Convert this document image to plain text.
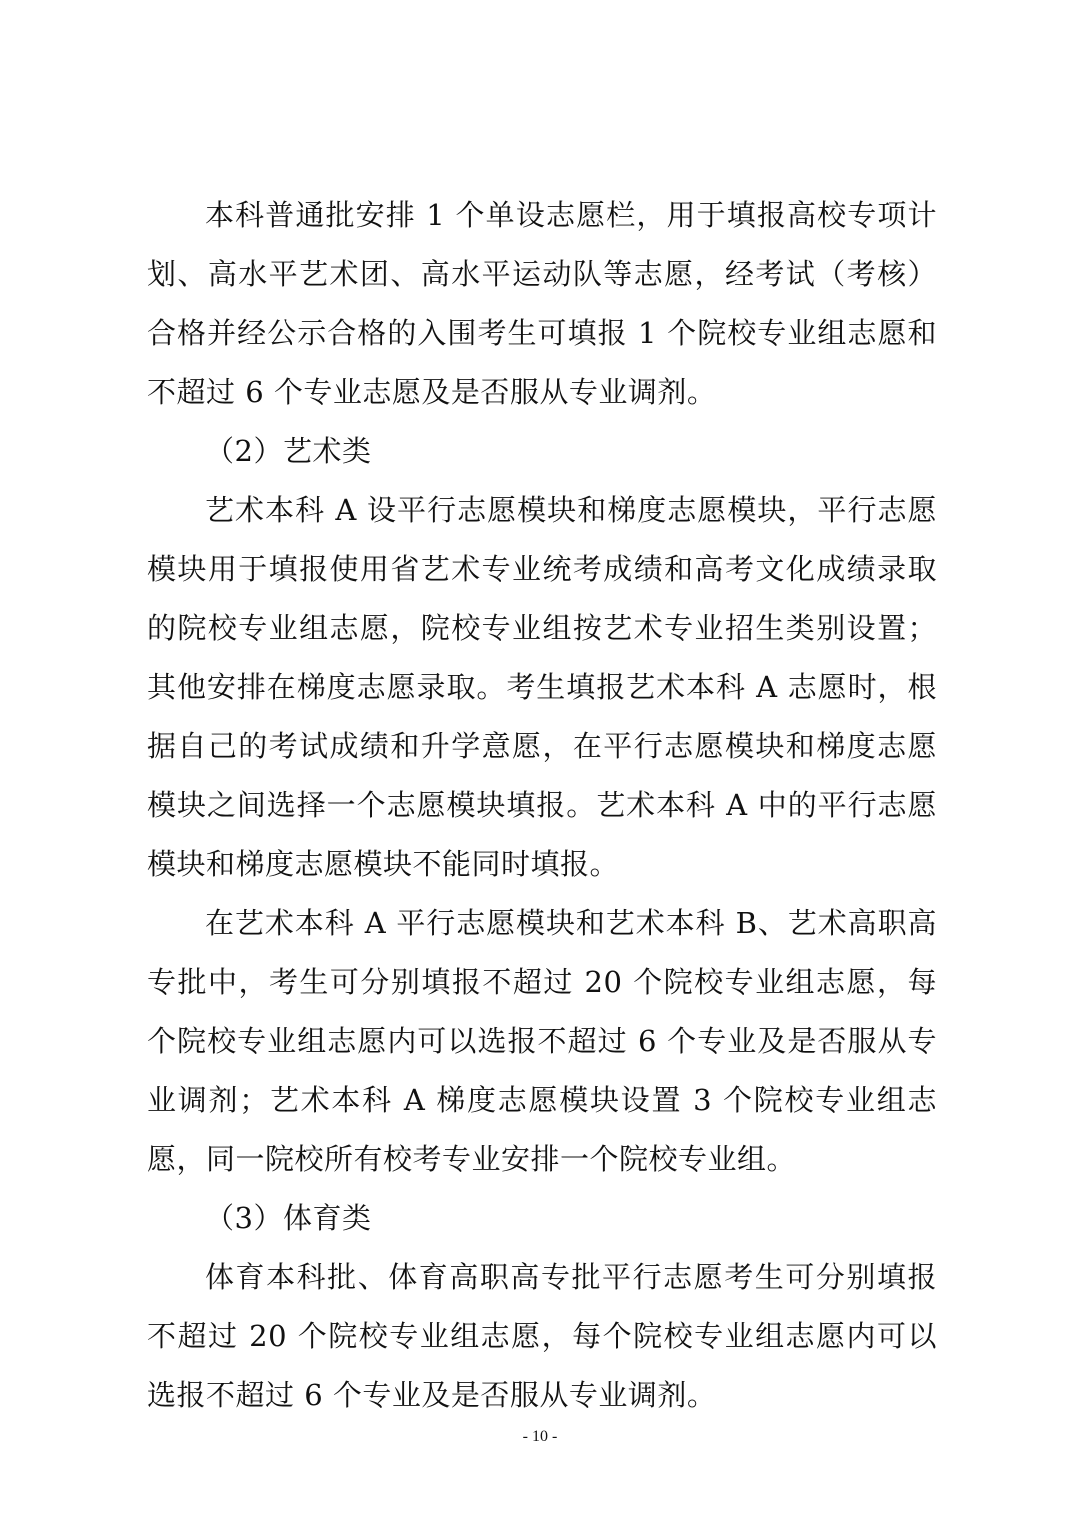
本科普通批安排 1 个单设志愿栏，用于填报高校专项计划、高水平艺术团、高水平运动队等志愿，经考试（考核）合格并经公示合格的入围考生可填报 1 个院校专业组志愿和不超过 6 个专业志愿及是否服从专业调剂。

（2）艺术类

艺术本科 A 设平行志愿模块和梯度志愿模块，平行志愿模块用于填报使用省艺术专业统考成绩和高考文化成绩录取的院校专业组志愿，院校专业组按艺术专业招生类别设置；其他安排在梯度志愿录取。考生填报艺术本科 A 志愿时，根据自己的考试成绩和升学意愿，在平行志愿模块和梯度志愿模块之间选择一个志愿模块填报。艺术本科 A 中的平行志愿模块和梯度志愿模块不能同时填报。

在艺术本科 A 平行志愿模块和艺术本科 B、艺术高职高专批中，考生可分别填报不超过 20 个院校专业组志愿，每个院校专业组志愿内可以选报不超过 6 个专业及是否服从专业调剂；艺术本科 A 梯度志愿模块设置 3 个院校专业组志愿，同一院校所有校考专业安排一个院校专业组。

（3）体育类

体育本科批、体育高职高专批平行志愿考生可分别填报不超过 20 个院校专业组志愿，每个院校专业组志愿内可以选报不超过 6 个专业及是否服从专业调剂。

- 10 -
